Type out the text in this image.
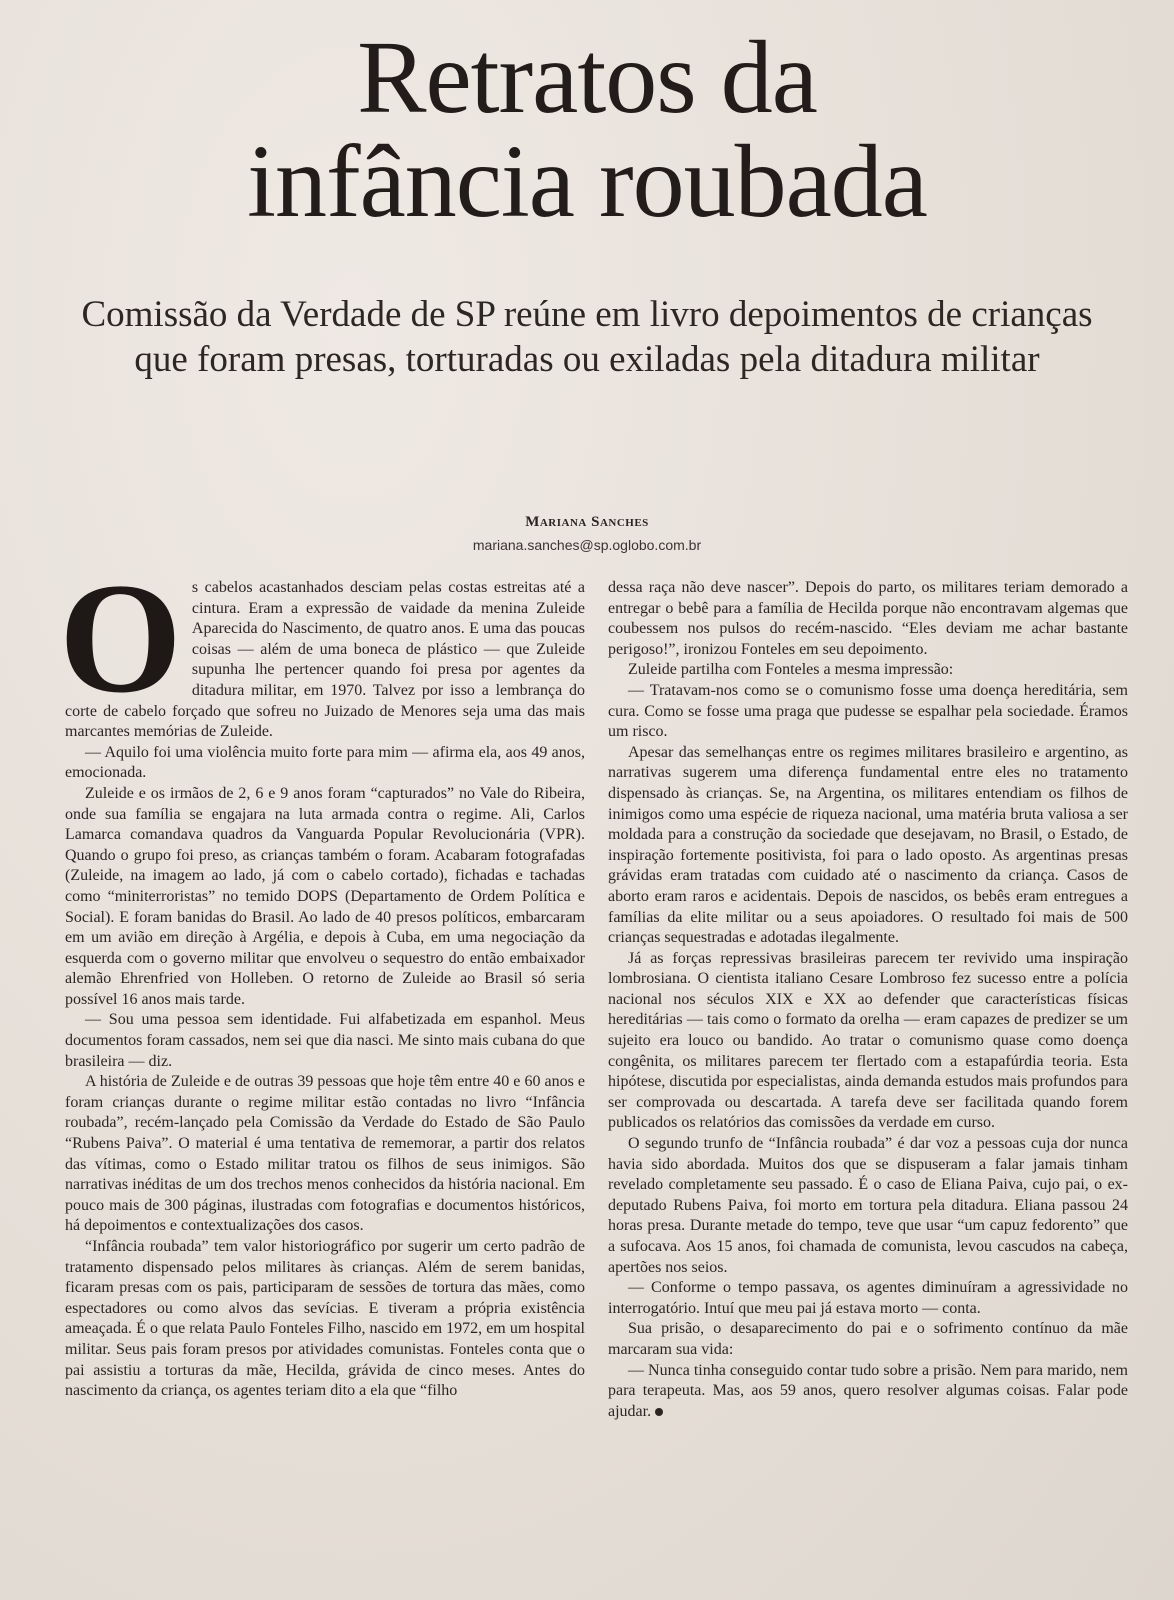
Retratos da
infância roubada
Comissão da Verdade de SP reúne em livro depoimentos de crianças
que foram presas, torturadas ou exiladas pela ditadura militar
Mariana Sanches
mariana.sanches@sp.oglobo.com.br
O s cabelos acastanhados desciam pelas costas estreitas até a cintura. Eram a expressão de vaidade da menina Zuleide Aparecida do Nascimento, de quatro anos. E uma das poucas coisas — além de uma boneca de plástico — que Zuleide supunha lhe pertencer quando foi presa por agentes da ditadura militar, em 1970. Talvez por isso a lembrança do corte de cabelo forçado que sofreu no Juizado de Menores seja uma das mais marcantes memórias de Zuleide.

— Aquilo foi uma violência muito forte para mim — afirma ela, aos 49 anos, emocionada.

Zuleide e os irmãos de 2, 6 e 9 anos foram “capturados” no Vale do Ribeira, onde sua família se engajara na luta armada contra o regime. Ali, Carlos Lamarca comandava quadros da Vanguarda Popular Revolucionária (VPR). Quando o grupo foi preso, as crianças também o foram. Acabaram fotografadas (Zuleide, na imagem ao lado, já com o cabelo cortado), fichadas e tachadas como “miniterroristas” no temido DOPS (Departamento de Ordem Política e Social). E foram banidas do Brasil. Ao lado de 40 presos políticos, embarcaram em um avião em direção à Argélia, e depois à Cuba, em uma negociação da esquerda com o governo militar que envolveu o sequestro do então embaixador alemão Ehrenfried von Holleben. O retorno de Zuleide ao Brasil só seria possível 16 anos mais tarde.

— Sou uma pessoa sem identidade. Fui alfabetizada em espanhol. Meus documentos foram cassados, nem sei que dia nasci. Me sinto mais cubana do que brasileira — diz.

A história de Zuleide e de outras 39 pessoas que hoje têm entre 40 e 60 anos e foram crianças durante o regime militar estão contadas no livro “Infância roubada”, recém-lançado pela Comissão da Verdade do Estado de São Paulo “Rubens Paiva”. O material é uma tentativa de rememorar, a partir dos relatos das vítimas, como o Estado militar tratou os filhos de seus inimigos. São narrativas inéditas de um dos trechos menos conhecidos da história nacional. Em pouco mais de 300 páginas, ilustradas com fotografias e documentos históricos, há depoimentos e contextualizações dos casos.

“Infância roubada” tem valor historiográfico por sugerir um certo padrão de tratamento dispensado pelos militares às crianças. Além de serem banidas, ficaram presas com os pais, participaram de sessões de tortura das mães, como espectadores ou como alvos das sevícias. E tiveram a própria existência ameaçada. É o que relata Paulo Fonteles Filho, nascido em 1972, em um hospital militar. Seus pais foram presos por atividades comunistas. Fonteles conta que o pai assistiu a torturas da mãe, Hecilda, grávida de cinco meses. Antes do nascimento da criança, os agentes teriam dito a ela que “filho

dessa raça não deve nascer”. Depois do parto, os militares teriam demorado a entregar o bebê para a família de Hecilda porque não encontravam algemas que coubessem nos pulsos do recém-nascido. “Eles deviam me achar bastante perigoso!”, ironizou Fonteles em seu depoimento.

Zuleide partilha com Fonteles a mesma impressão:

— Tratavam-nos como se o comunismo fosse uma doença hereditária, sem cura. Como se fosse uma praga que pudesse se espalhar pela sociedade. Éramos um risco.

Apesar das semelhanças entre os regimes militares brasileiro e argentino, as narrativas sugerem uma diferença fundamental entre eles no tratamento dispensado às crianças. Se, na Argentina, os militares entendiam os filhos de inimigos como uma espécie de riqueza nacional, uma matéria bruta valiosa a ser moldada para a construção da sociedade que desejavam, no Brasil, o Estado, de inspiração fortemente positivista, foi para o lado oposto. As argentinas presas grávidas eram tratadas com cuidado até o nascimento da criança. Casos de aborto eram raros e acidentais. Depois de nascidos, os bebês eram entregues a famílias da elite militar ou a seus apoiadores. O resultado foi mais de 500 crianças sequestradas e adotadas ilegalmente.

Já as forças repressivas brasileiras parecem ter revivido uma inspiração lombrosiana. O cientista italiano Cesare Lombroso fez sucesso entre a polícia nacional nos séculos XIX e XX ao defender que características físicas hereditárias — tais como o formato da orelha — eram capazes de predizer se um sujeito era louco ou bandido. Ao tratar o comunismo quase como doença congênita, os militares parecem ter flertado com a estapafúrdia teoria. Esta hipótese, discutida por especialistas, ainda demanda estudos mais profundos para ser comprovada ou descartada. A tarefa deve ser facilitada quando forem publicados os relatórios das comissões da verdade em curso.

O segundo trunfo de “Infância roubada” é dar voz a pessoas cuja dor nunca havia sido abordada. Muitos dos que se dispuseram a falar jamais tinham revelado completamente seu passado. É o caso de Eliana Paiva, cujo pai, o ex-deputado Rubens Paiva, foi morto em tortura pela ditadura. Eliana passou 24 horas presa. Durante metade do tempo, teve que usar “um capuz fedorento” que a sufocava. Aos 15 anos, foi chamada de comunista, levou cascudos na cabeça, apertões nos seios.

— Conforme o tempo passava, os agentes diminuíram a agressividade no interrogatório. Intuí que meu pai já estava morto — conta.

Sua prisão, o desaparecimento do pai e o sofrimento contínuo da mãe marcaram sua vida:

— Nunca tinha conseguido contar tudo sobre a prisão. Nem para marido, nem para terapeuta. Mas, aos 59 anos, quero resolver algumas coisas. Falar pode ajudar.
